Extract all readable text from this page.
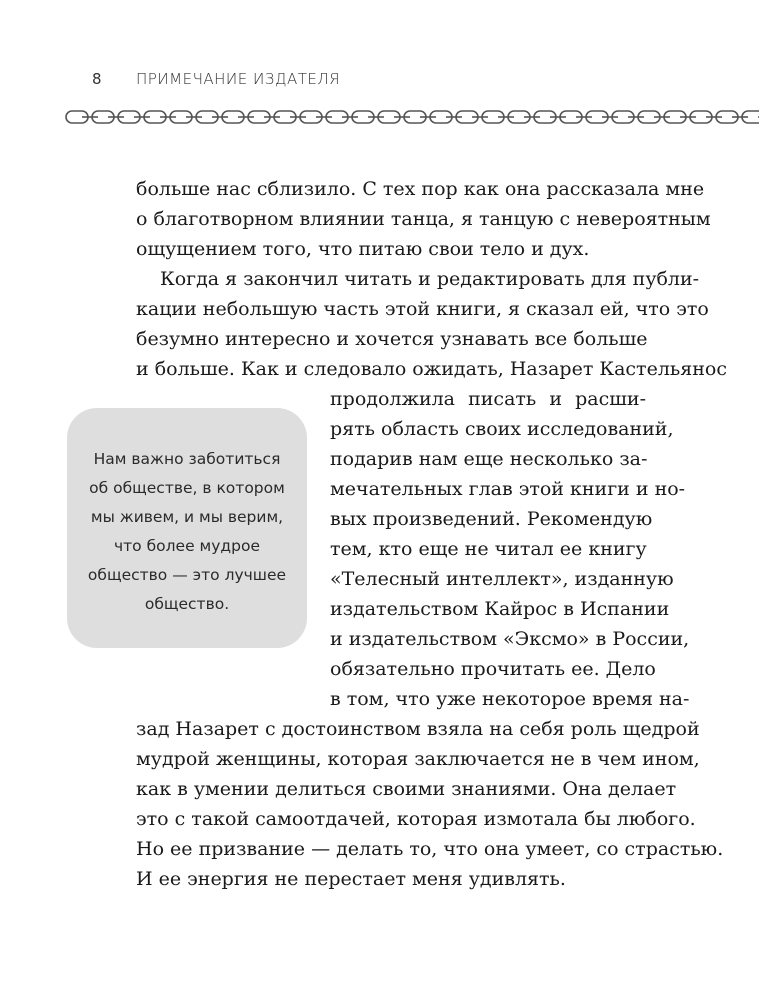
8 ПРИМЕЧАНИЕ ИЗДАТЕЛЯ
Нам важно заботиться
об обществе, в котором
мы живем, и мы верим,
что более мудрое
общество — это лучшее
общество.
больше нас сблизило. С тех пор как она рассказала мне
о благотворном влиянии танца, я танцую с невероятным
ощущением того, что питаю свои тело и дух.
Когда я закончил читать и редактировать для публи-
кации небольшую часть этой книги, я сказал ей, что это
безумно интересно и хочется узнавать все больше
и больше. Как и следовало ожидать, Назарет Кастельянос
продолжила писать и расши-
рять область своих исследований,
подарив нам еще несколько за-
мечательных глав этой книги и но-
вых произведений. Рекомендую
тем, кто еще не читал ее книгу
«Телесный интеллект», изданную
издательством Кайрос в Испании
и издательством «Эксмо» в России,
обязательно прочитать ее. Дело
в том, что уже некоторое время на-
зад Назарет с достоинством взяла на себя роль щедрой
мудрой женщины, которая заключается не в чем ином,
как в умении делиться своими знаниями. Она делает
это с такой самоотдачей, которая измотала бы любого.
Но ее призвание — делать то, что она умеет, со страстью.
И ее энергия не перестает меня удивлять.
